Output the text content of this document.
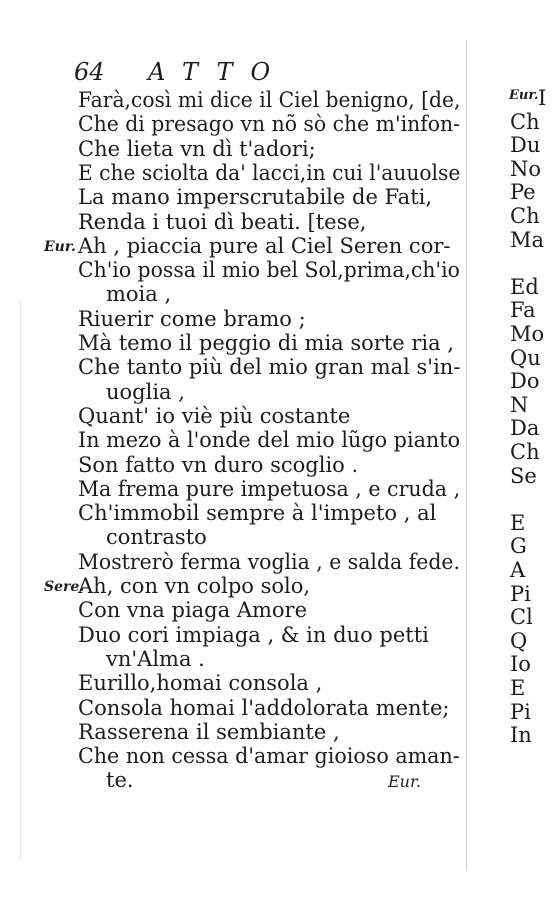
64 ATTO
Farà,così mi dice il Ciel benigno, [de,
Che di presago vn nõ sò che m'infon-
Che lieta vn dì t'adori;
E che sciolta da' lacci,in cui l'auuolse
La mano imperscrutabile de Fati,
Renda i tuoi dì beati. [tese,
Eur. Ah , piaccia pure al Ciel Seren cor-
Ch'io possa il mio bel Sol,prima,ch'io
moia ,
Riuerir come bramo ;
Mà temo il peggio di mia sorte ria ,
Che tanto più del mio gran mal s'in-
uoglia ,
Quant' io viè più costante
In mezo à l'onde del mio lũgo pianto
Son fatto vn duro scoglio .
Ma frema pure impetuosa , e cruda ,
Ch'immobil sempre à l'impeto , al
contrasto
Mostrerò ferma voglia , e salda fede.
Sere.
Ah, con vn colpo solo,
Con vna piaga Amore
Duo cori impiaga , & in duo petti
vn'Alma .
Eurillo,homai consola ,
Consola homai l'addolorata mente;
Rasserena il sembiante ,
Che non cessa d'amar gioioso aman-
te.	Eur.
Eur. I
Ch
Du
No
Pe
Ch
Ma
Ed
Fa
Mo
Qu
Do
N
Da
Ch
Se
E
G
A
Pi
Cl
Q
Io
E
Pi
In
